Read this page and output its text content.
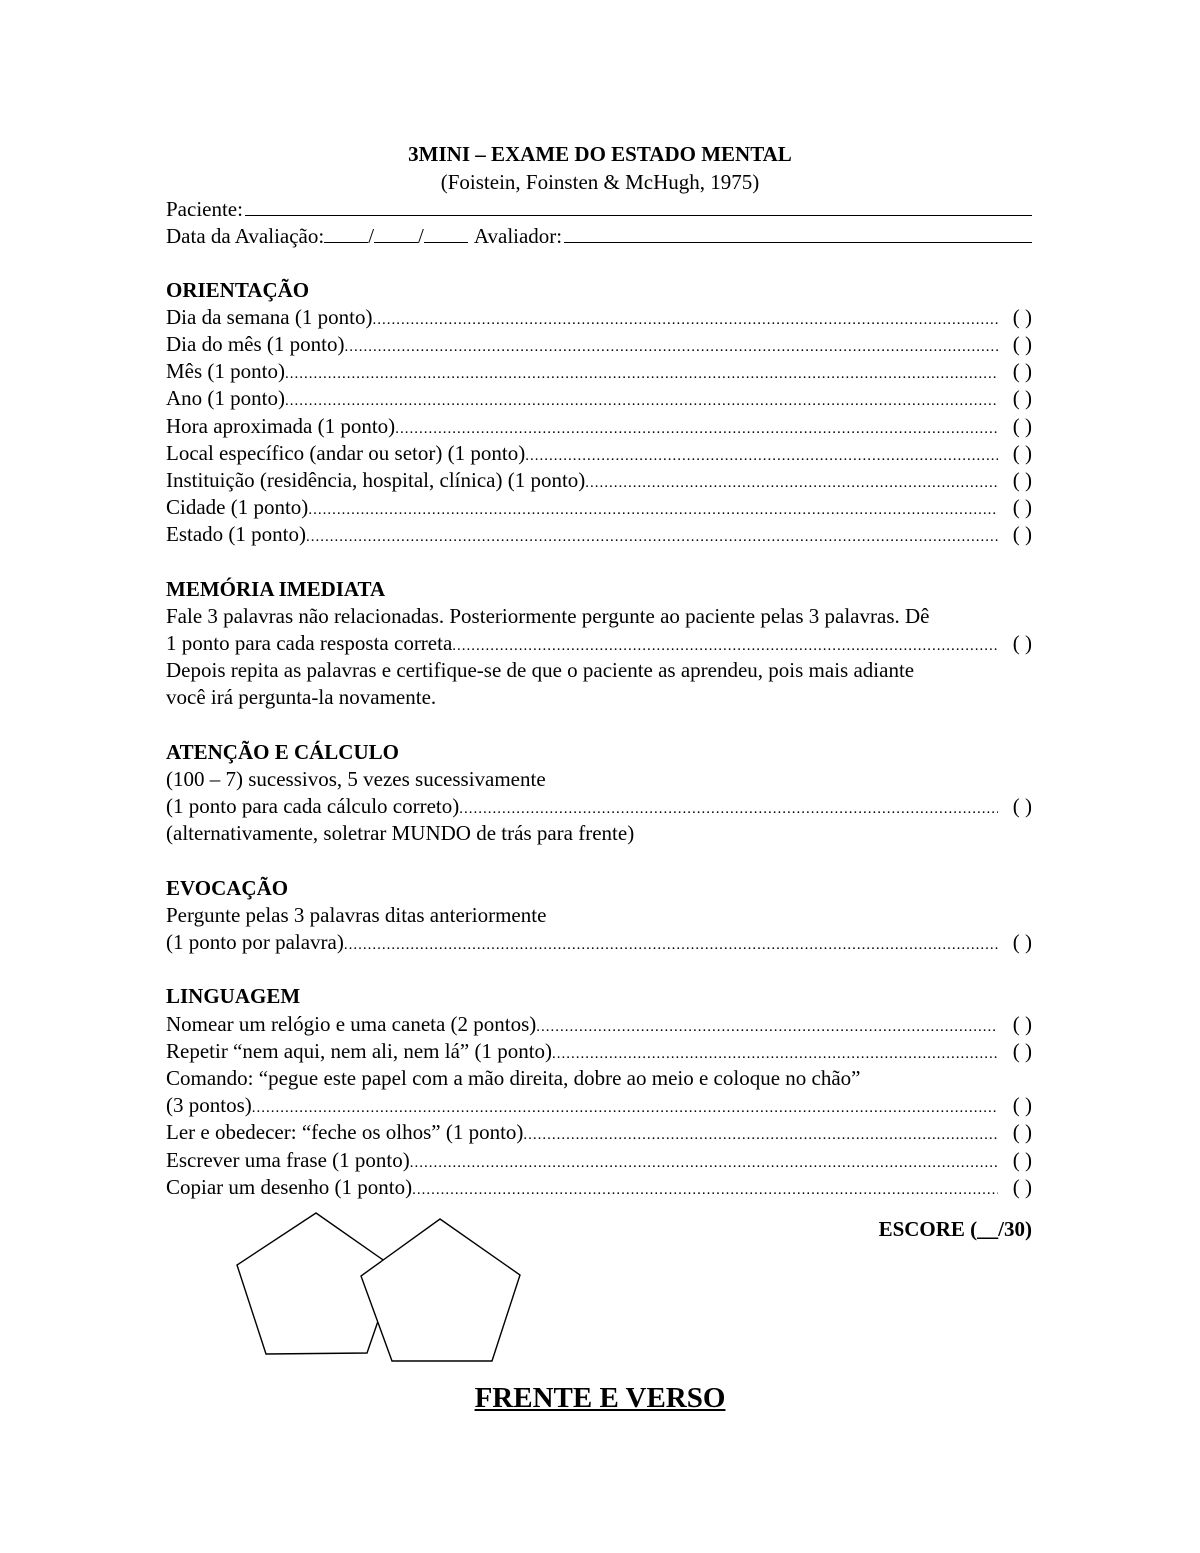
3MINI – EXAME DO ESTADO MENTAL
(Foistein, Foinsten & McHugh, 1975)
Paciente:
Data da Avaliação: / / Avaliador:
ORIENTAÇÃO
Dia da semana (1 ponto) .....	( )
Dia do mês (1 ponto) .....	( )
Mês (1 ponto) .....	( )
Ano (1 ponto) .....	( )
Hora aproximada (1 ponto) .....	( )
Local específico (andar ou setor) (1 ponto) .....	( )
Instituição (residência, hospital, clínica) (1 ponto) .....	( )
Cidade (1 ponto) .....	( )
Estado (1 ponto) .....	( )
MEMÓRIA IMEDIATA
Fale 3 palavras não relacionadas. Posteriormente pergunte ao paciente pelas 3 palavras. Dê
1 ponto para cada resposta correta .....	( )
Depois repita as palavras e certifique-se de que o paciente as aprendeu, pois mais adiante
você irá pergunta-la novamente.
ATENÇÃO E CÁLCULO
(100 – 7) sucessivos, 5 vezes sucessivamente
(1 ponto para cada cálculo correto) .....	( )
(alternativamente, soletrar MUNDO de trás para frente)
EVOCAÇÃO
Pergunte pelas 3 palavras ditas anteriormente
(1 ponto por palavra) .....	( )
LINGUAGEM
Nomear um relógio e uma caneta (2 pontos) .....	( )
Repetir “nem aqui, nem ali, nem lá” (1 ponto) .....	( )
Comando: “pegue este papel com a mão direita, dobre ao meio e coloque no chão”
(3 pontos) .....	( )
Ler e obedecer: “feche os olhos” (1 ponto) .....	( )
Escrever uma frase (1 ponto) .....	( )
Copiar um desenho (1 ponto) .....	( )
ESCORE (__/30)
FRENTE E VERSO
